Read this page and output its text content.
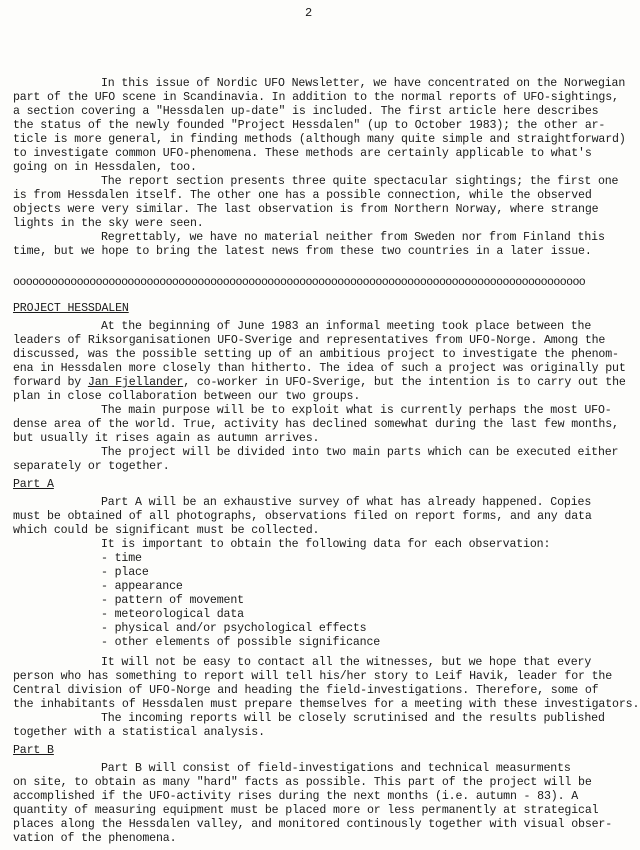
2
In this issue of Nordic UFO Newsletter, we have concentrated on the Norwegian
part of the UFO scene in Scandinavia. In addition to the normal reports of UFO-sightings,
a section covering a "Hessdalen up-date" is included. The first article here describes
the status of the newly founded "Project Hessdalen" (up to October 1983); the other ar-
ticle is more general, in finding methods (although many quite simple and straightforward)
to investigate common UFO-phenomena. These methods are certainly applicable to what's
going on in Hessdalen, too.
The report section presents three quite spectacular sightings; the first one
is from Hessdalen itself. The other one has a possible connection, while the observed
objects were very similar. The last observation is from Northern Norway, where strange
lights in the sky were seen.
Regrettably, we have no material neither from Sweden nor from Finland this
time, but we hope to bring the latest news from these two countries in a later issue.
oooooooooooooooooooooooooooooooooooooooooooooooooooooooooooooooooooooooooooooooooooooooooo
PROJECT HESSDALEN
At the beginning of June 1983 an informal meeting took place between the
leaders of Riksorganisationen UFO-Sverige and representatives from UFO-Norge. Among the
discussed, was the possible setting up of an ambitious project to investigate the phenom-
ena in Hessdalen more closely than hitherto. The idea of such a project was originally put
forward by Jan Fjellander, co-worker in UFO-Sverige, but the intention is to carry out the
plan in close collaboration between our two groups.
The main purpose will be to exploit what is currently perhaps the most UFO-
dense area of the world. True, activity has declined somewhat during the last few months,
but usually it rises again as autumn arrives.
The project will be divided into two main parts which can be executed either
separately or together.
Part A
Part A will be an exhaustive survey of what has already happened. Copies
must be obtained of all photographs, observations filed on report forms, and any data
which could be significant must be collected.
It is important to obtain the following data for each observation:
- time
- place
- appearance
- pattern of movement
- meteorological data
- physical and/or psychological effects
- other elements of possible significance
It will not be easy to contact all the witnesses, but we hope that every
person who has something to report will tell his/her story to Leif Havik, leader for the
Central division of UFO-Norge and heading the field-investigations. Therefore, some of
the inhabitants of Hessdalen must prepare themselves for a meeting with these investigators.
The incoming reports will be closely scrutinised and the results published
together with a statistical analysis.
Part B
Part B will consist of field-investigations and technical measurments
on site, to obtain as many "hard" facts as possible. This part of the project will be
accomplished if the UFO-activity rises during the next months (i.e. autumn - 83). A
quantity of measuring equipment must be placed more or less permanently at strategical
places along the Hessdalen valley, and monitored continously together with visual obser-
vation of the phenomena.
